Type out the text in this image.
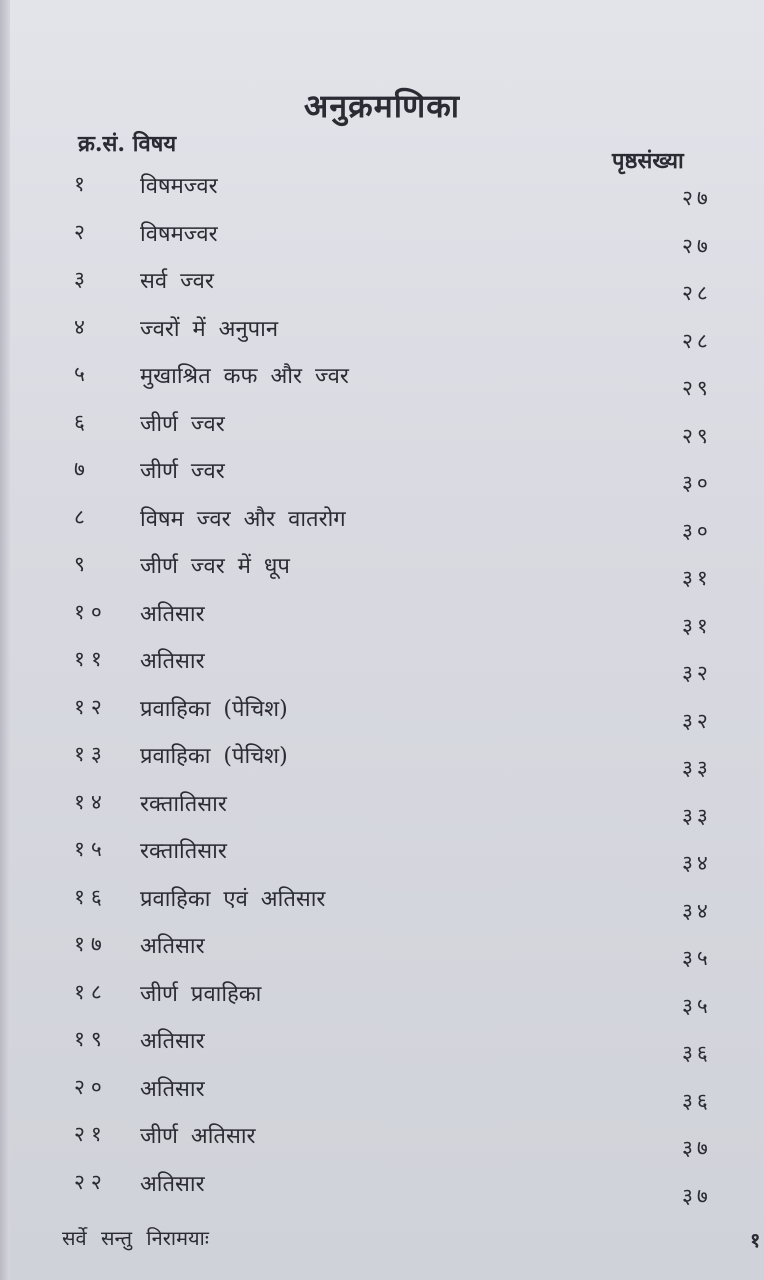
अनुक्रमणिका
क्र.सं. विषय
पृष्ठसंख्या
१ विषमज्वर	२७
२ विषमज्वर	२७
३ सर्व ज्वर	२८
४ ज्वरों में अनुपान	२८
५ मुखाश्रित कफ और ज्वर	२९
६ जीर्ण ज्वर	२९
७ जीर्ण ज्वर	३०
८ विषम ज्वर और वातरोग	३०
९ जीर्ण ज्वर में धूप	३१
१० अतिसार	३१
११ अतिसार	३२
१२ प्रवाहिका (पेचिश)	३२
१३ प्रवाहिका (पेचिश)	३३
१४ रक्तातिसार	३३
१५ रक्तातिसार	३४
१६ प्रवाहिका एवं अतिसार	३४
१७ अतिसार	३५
१८ जीर्ण प्रवाहिका	३५
१९ अतिसार	३६
२० अतिसार	३६
२१ जीर्ण अतिसार	३७
२२ अतिसार	३७
सर्वे सन्तु निरामयाः	१
